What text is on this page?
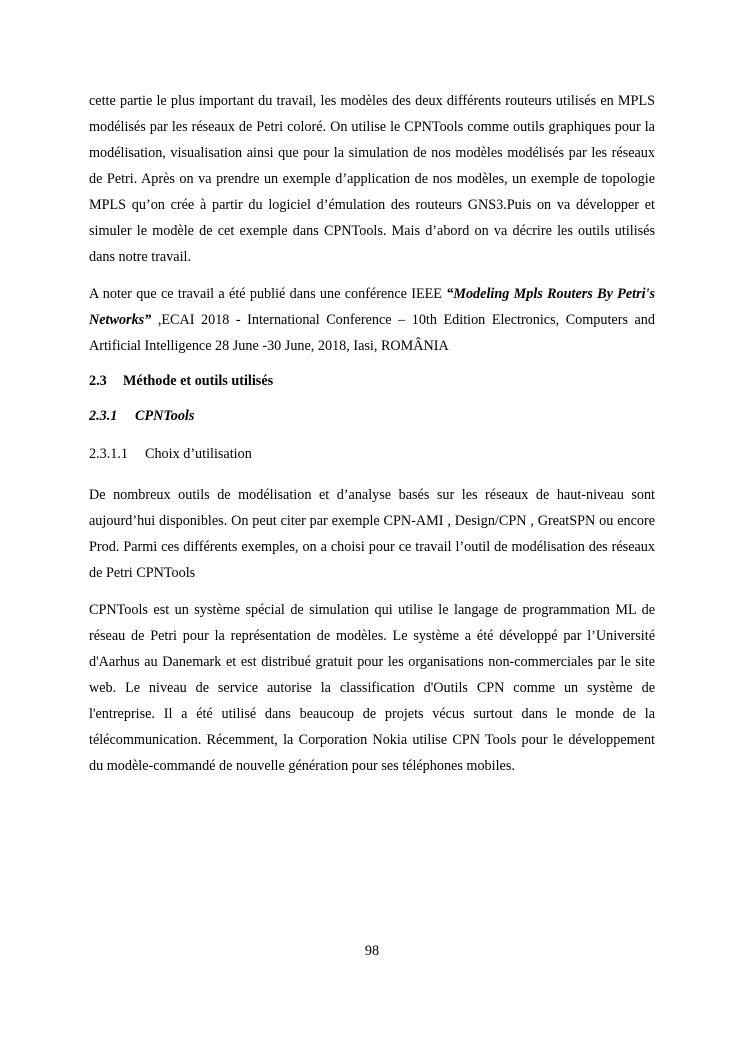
cette partie le plus important du travail, les modèles des deux différents routeurs utilisés en MPLS modélisés par les réseaux de Petri coloré. On utilise le CPNTools comme outils graphiques pour la modélisation, visualisation ainsi que pour la simulation de nos modèles modélisés par les réseaux de Petri. Après on va prendre un exemple d’application de nos modèles, un exemple de topologie MPLS qu’on crée à partir du logiciel d’émulation des routeurs GNS3.Puis on va développer et simuler le modèle de cet exemple dans CPNTools. Mais d’abord on va décrire les outils utilisés dans notre travail.

A noter que ce travail a été publié dans une conférence IEEE “Modeling Mpls Routers By Petri's Networks” ,ECAI 2018 - International Conference – 10th Edition Electronics, Computers and Artificial Intelligence 28 June -30 June, 2018, Iasi, ROMÂNIA

2.3 Méthode et outils utilisés
2.3.1 CPNTools
2.3.1.1 Choix d’utilisation

De nombreux outils de modélisation et d’analyse basés sur les réseaux de haut-niveau sont aujourd’hui disponibles. On peut citer par exemple CPN-AMI , Design/CPN , GreatSPN ou encore Prod. Parmi ces différents exemples, on a choisi pour ce travail l’outil de modélisation des réseaux de Petri CPNTools

CPNTools est un système spécial de simulation qui utilise le langage de programmation ML de réseau de Petri pour la représentation de modèles. Le système a été développé par l’Université d'Aarhus au Danemark et est distribué gratuit pour les organisations non-commerciales par le site web. Le niveau de service autorise la classification d'Outils CPN comme un système de l'entreprise. Il a été utilisé dans beaucoup de projets vécus surtout dans le monde de la télécommunication. Récemment, la Corporation Nokia utilise CPN Tools pour le développement du modèle-commandé de nouvelle génération pour ses téléphones mobiles.

98
